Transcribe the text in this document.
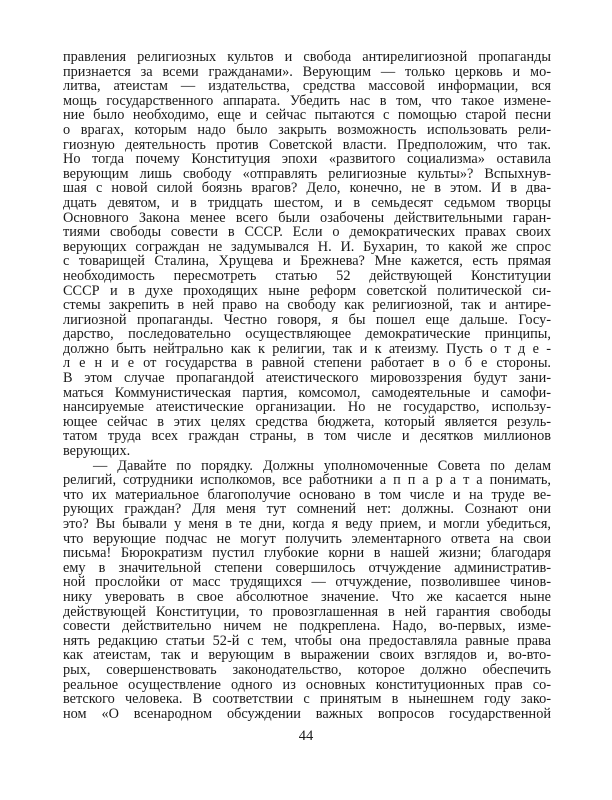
правления религиозных культов и свобода антирелигиозной пропаганды
признается за всеми гражданами». Верующим — только церковь и мо-
литва, атеистам — издательства, средства массовой информации, вся
мощь государственного аппарата. Убедить нас в том, что такое измене-
ние было необходимо, еще и сейчас пытаются с помощью старой песни
о врагах, которым надо было закрыть возможность использовать рели-
гиозную деятельность против Советской власти. Предположим, что так.
Но тогда почему Конституция эпохи «развитого социализма» оставила
верующим лишь свободу «отправлять религиозные культы»? Вспыхнув-
шая с новой силой боязнь врагов? Дело, конечно, не в этом. И в два-
дцать девятом, и в тридцать шестом, и в семьдесят седьмом творцы
Основного Закона менее всего были озабочены действительными гаран-
тиями свободы совести в СССР. Если о демократических правах своих
верующих сограждан не задумывался Н. И. Бухарин, то какой же спрос
с товарищей Сталина, Хрущева и Брежнева? Мне кажется, есть прямая
необходимость пересмотреть статью 52 действующей Конституции
СССР и в духе проходящих ныне реформ советской политической си-
стемы закрепить в ней право на свободу как религиозной, так и антире-
лигиозной пропаганды. Честно говоря, я бы пошел еще дальше. Госу-
дарство, последовательно осуществляющее демократические принципы,
должно быть нейтрально как к религии, так и к атеизму. Пусть о т д е -
л е н и е от государства в равной степени работает в о б е стороны.
В этом случае пропагандой атеистического мировоззрения будут зани-
маться Коммунистическая партия, комсомол, самодеятельные и самофи-
нансируемые атеистические организации. Но не государство, использу-
ющее сейчас в этих целях средства бюджета, который является резуль-
татом труда всех граждан страны, в том числе и десятков миллионов
верующих.
— Давайте по порядку. Должны уполномоченные Совета по делам
религий, сотрудники исполкомов, все работники а п п а р а т а понимать,
что их материальное благополучие основано в том числе и на труде ве-
рующих граждан? Для меня тут сомнений нет: должны. Сознают они
это? Вы бывали у меня в те дни, когда я веду прием, и могли убедиться,
что верующие подчас не могут получить элементарного ответа на свои
письма! Бюрократизм пустил глубокие корни в нашей жизни; благодаря
ему в значительной степени совершилось отчуждение административ-
ной прослойки от масс трудящихся — отчуждение, позволившее чинов-
нику уверовать в свое абсолютное значение. Что же касается ныне
действующей Конституции, то провозглашенная в ней гарантия свободы
совести действительно ничем не подкреплена. Надо, во-первых, изме-
нять редакцию статьи 52-й с тем, чтобы она предоставляла равные права
как атеистам, так и верующим в выражении своих взглядов и, во-вто-
рых, совершенствовать законодательство, которое должно обеспечить
реальное осуществление одного из основных конституционных прав со-
ветского человека. В соответствии с принятым в нынешнем году зако-
ном «О всенародном обсуждении важных вопросов государственной
44
